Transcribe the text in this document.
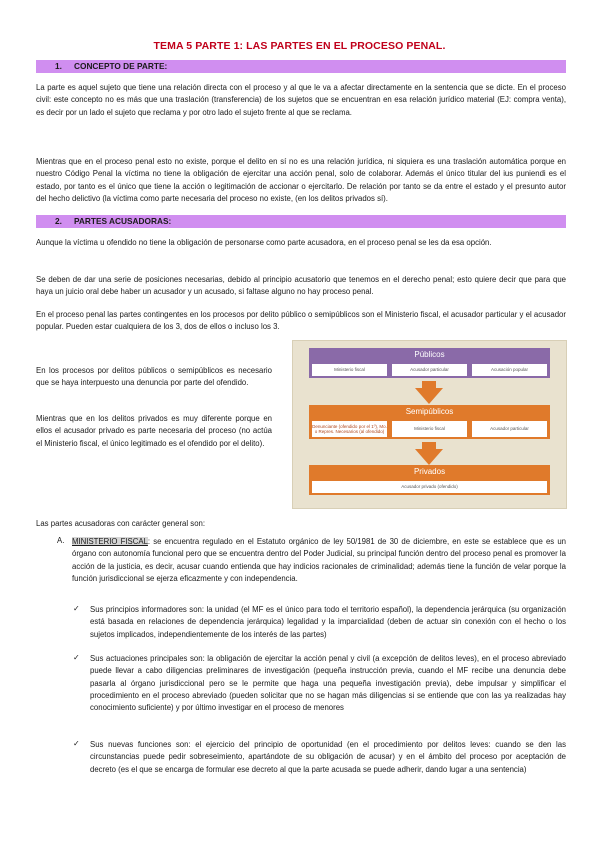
TEMA 5 PARTE 1: LAS PARTES EN EL PROCESO PENAL.
1. CONCEPTO DE PARTE:

La parte es aquel sujeto que tiene una relación directa con el proceso y al que le va a afectar directamente en la sentencia que se dicte. En el proceso civil: este concepto no es más que una traslación (transferencia) de los sujetos que se encuentran en esa relación jurídico material (EJ: compra venta), es decir por un lado el sujeto que reclama y por otro lado el sujeto frente al que se reclama.

Mientras que en el proceso penal esto no existe, porque el delito en sí no es una relación jurídica, ni siquiera es una traslación automática porque en nuestro Código Penal la víctima no tiene la obligación de ejercitar una acción penal, solo de colaborar. Además el único titular del ius puniendi es el estado, por tanto es el único que tiene la acción o legitimación de accionar o ejercitarlo. De relación por tanto se da entre el estado y el presunto autor del hecho delictivo (la víctima como parte necesaria del proceso no existe, (en los delitos privados sí).

2. PARTES ACUSADORAS:

Aunque la víctima u ofendido no tiene la obligación de personarse como parte acusadora, en el proceso penal se les da esa opción.

Se deben de dar una serie de posiciones necesarias, debido al principio acusatorio que tenemos en el derecho penal; esto quiere decir que para que haya un juicio oral debe haber un acusador y un acusado, si faltase alguno no hay proceso penal.

En el proceso penal las partes contingentes en los procesos por delito público o semipúblicos son el Ministerio fiscal, el acusador particular y el acusador popular. Pueden estar cualquiera de los 3, dos de ellos o incluso los 3.

En los procesos por delitos públicos o semipúblicos es necesario que se haya interpuesto una denuncia por parte del ofendido.

Mientras que en los delitos privados es muy diferente porque en ellos el acusador privado es parte necesaria del proceso (no actúa el Ministerio fiscal, el único legitimado es el ofendido por el delito).

Públicos
Ministerio fiscal	Acusador particular	Acusación popular
Semipúblicos
Denunciante (ofendido por el 1º), Mo. o Repres. Necesarios (al ofendido)
Ministerio fiscal	Acusador particular
Privados
Acusador privado (ofendido)

Las partes acusadoras con carácter general son:

A. MINISTERIO FISCAL: se encuentra regulado en el Estatuto orgánico de ley 50/1981 de 30 de diciembre, en este se establece que es un órgano con autonomía funcional pero que se encuentra dentro del Poder Judicial, su principal función dentro del proceso penal es promover la acción de la justicia, es decir, acusar cuando entienda que hay indicios racionales de criminalidad; además tiene la función de velar porque la función jurisdiccional se ejerza eficazmente y con independencia.

✓ Sus principios informadores son: la unidad (el MF es el único para todo el territorio español), la dependencia jerárquica (su organización está basada en relaciones de dependencia jerárquica) legalidad y la imparcialidad (deben de actuar sin conexión con el hecho o los sujetos implicados, independientemente de los interés de las partes)

✓ Sus actuaciones principales son: la obligación de ejercitar la acción penal y civil (a excepción de delitos leves), en el proceso abreviado puede llevar a cabo diligencias preliminares de investigación (pequeña instrucción previa, cuando el MF recibe una denuncia debe pasarla al órgano jurisdiccional pero se le permite que haga una pequeña investigación previa), debe impulsar y simplificar el procedimiento en el proceso abreviado (pueden solicitar que no se hagan más diligencias si se entiende que con las ya realizadas hay conocimiento suficiente) y por último investigar en el proceso de menores

✓ Sus nuevas funciones son: el ejercicio del principio de oportunidad (en el procedimiento por delitos leves: cuando se den las circunstancias puede pedir sobreseimiento, apartándote de su obligación de acusar) y en el ámbito del proceso por aceptación de decreto (es el que se encarga de formular ese decreto al que la parte acusada se puede adherir, dando lugar a una sentencia)
